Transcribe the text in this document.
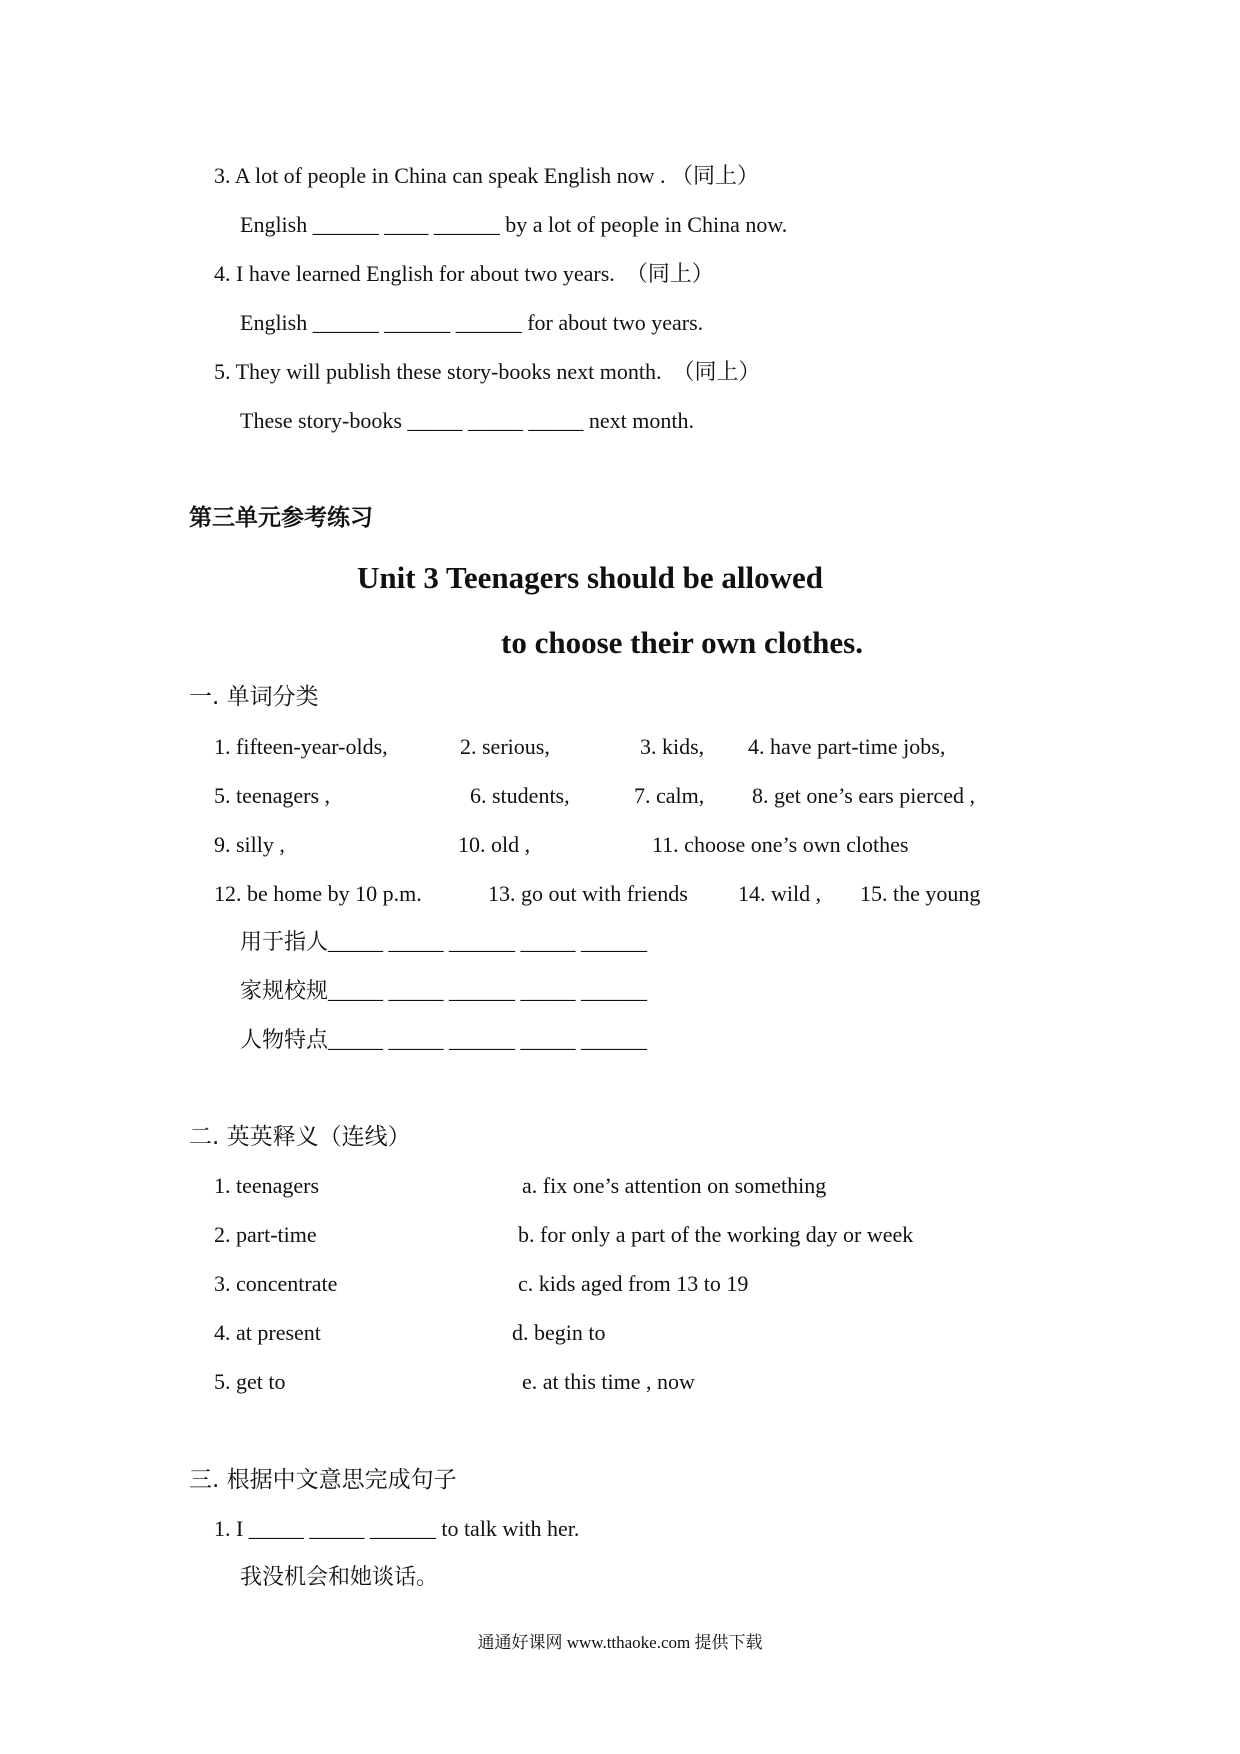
3. A lot of people in China can speak English now . （同上）
English ______ ____ ______ by a lot of people in China now.
4. I have learned English for about two years.  （同上）
English ______ ______ ______ for about two years.
5. They will publish these story-books next month.  （同上）
These story-books _____ _____ _____ next month.
第三单元参考练习
Unit 3 Teenagers should be allowed
to choose their own clothes.
一. 单词分类
1. fifteen-year-olds,	2. serious,	3. kids, 4. have part-time jobs,
5. teenagers ,	6. students,	7. calm, 8. get one’s ears pierced ,
9. silly ,	10. old ,	11. choose one’s own clothes
12. be home by 10 p.m.	13. go out with friends 14. wild , 15. the young
用于指人_____ _____ ______ _____ ______
家规校规_____ _____ ______ _____ ______
人物特点_____ _____ ______ _____ ______
二. 英英释义（连线）
1. teenagers	a. fix one’s attention on something
2. part-time	b. for only a part of the working day or week
3. concentrate	c. kids aged from 13 to 19
4. at present	d. begin to
5. get to	e. at this time , now
三. 根据中文意思完成句子
1. I _____ _____ ______ to talk with her.
我没机会和她谈话。
通通好课网 www.tthaoke.com 提供下载
